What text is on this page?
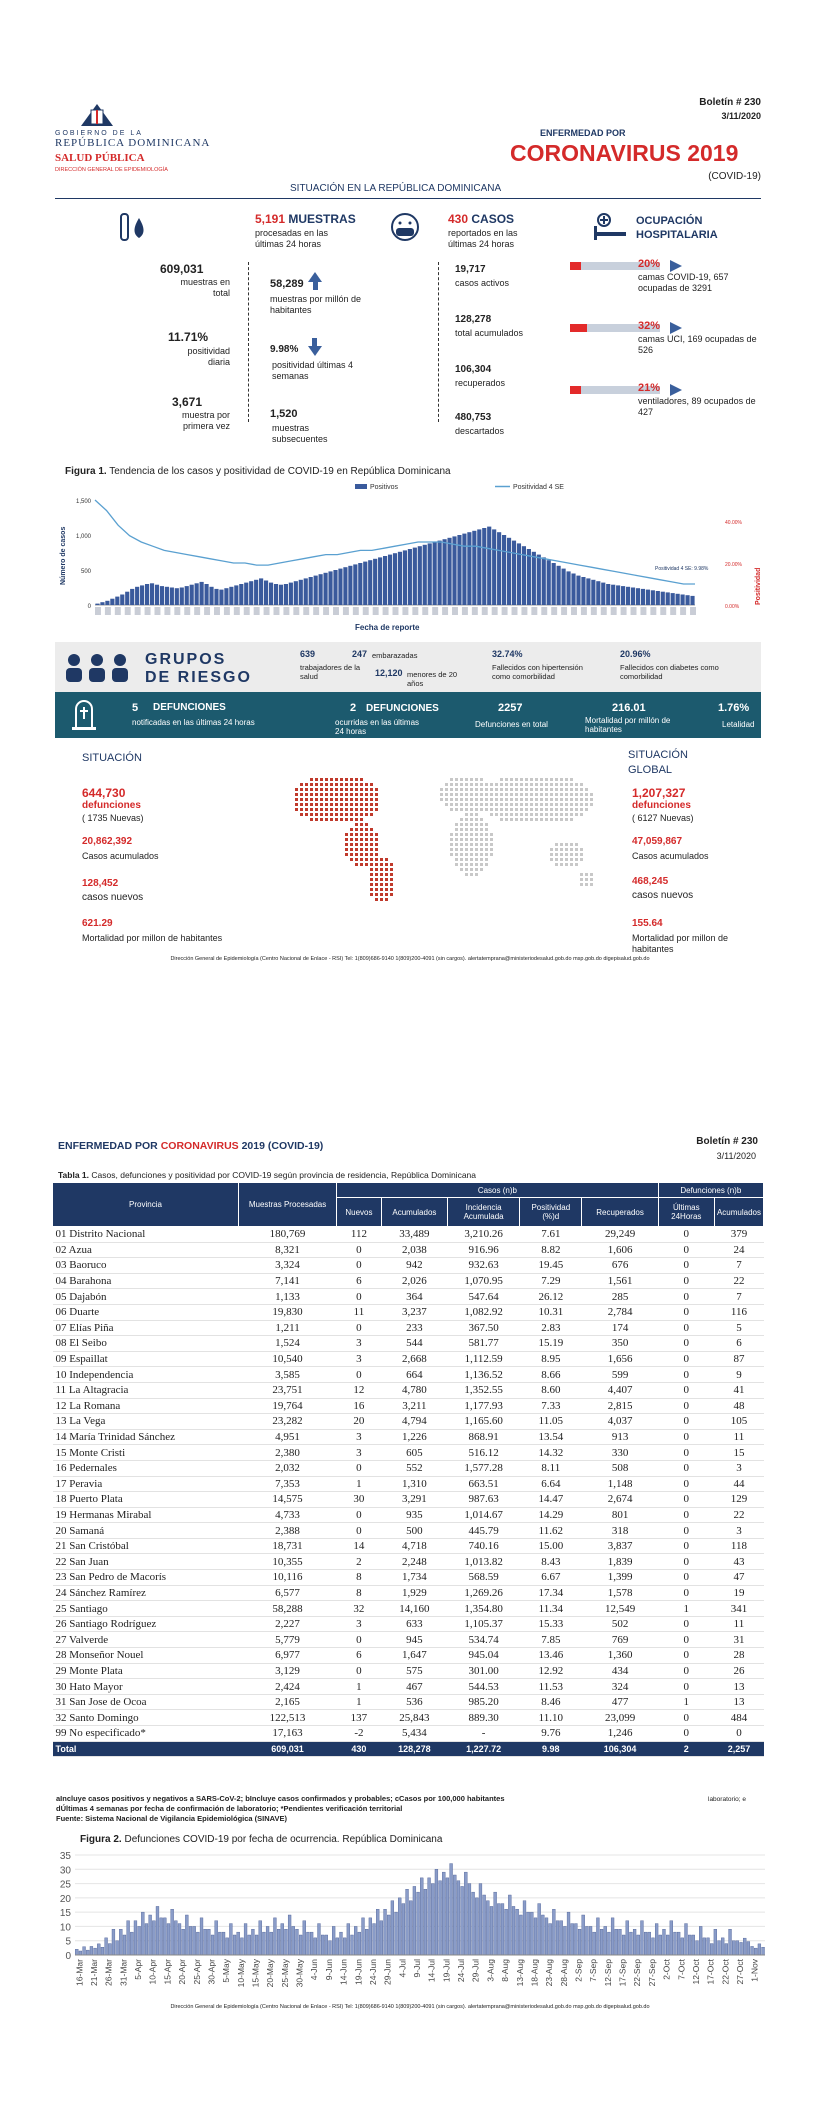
GOBIERNO DE LA
REPÚBLICA DOMINICANA
SALUD PÚBLICA
DIRECCIÓN GENERAL DE EPIDEMIOLOGÍA
Boletín # 230
3/11/2020
ENFERMEDAD POR
CORONAVIRUS 2019
(COVID-19)
SITUACIÓN EN LA REPÚBLICA DOMINICANA
5,191 MUESTRAS
procesadas en las últimas 24 horas
609,031
muestras en total
11.71%
positividad diaria
3,671
muestra por primera vez
58,289
muestras por millón de habitantes
9.98%
positividad últimas 4 semanas
1,520
muestras subsecuentes
430 CASOS
reportados en las últimas 24 horas
19,717
casos activos
128,278
total acumulados
106,304
recuperados
480,753
descartados
OCUPACIÓN HOSPITALARIA
20%
camas COVID-19, 657 ocupadas de 3291
32%
camas UCI, 169 ocupadas de 526
21%
ventiladores, 89 ocupados de 427
Figura 1. Tendencia de los casos y positividad de COVID-19 en República Dominicana
1,500
1,000
500
0
40.00%
20.00%
0.00%
Positivos	Positividad 4 SE
Positividad 4 SE: 9.98%
Número de casos
Positividad
Fecha de reporte
GRUPOS
DE RIESGO
639
trabajadores de la salud
247 embarazadas
12,120 menores de 20 años
32.74%
Fallecidos con hipertensión como comorbilidad
20.96%
Fallecidos con diabetes como comorbilidad
5 DEFUNCIONES
notificadas en las últimas 24 horas
2 DEFUNCIONES
ocurridas en las últimas 24 horas
2257
Defunciones en total
216.01
Mortalidad por millón de habitantes
1.76%
Letalidad
SITUACIÓN
644,730
defunciones
( 1735 Nuevas)
20,862,392
Casos acumulados
128,452
casos nuevos
621.29
Mortalidad por millon de habitantes
SITUACIÓN GLOBAL
1,207,327
defunciones
( 6127 Nuevas)
47,059,867
Casos acumulados
468,245
casos nuevos
155.64
Mortalidad por millon de habitantes
Dirección General de Epidemiología (Centro Nacional de Enlace - RSI) Tel: 1(809)686-9140 1(809)200-4091 (sin cargos). alertatemprana@ministeriodesalud.gob.do msp.gob.do digepisalud.gob.do
ENFERMEDAD POR CORONAVIRUS 2019 (COVID-19)	Boletín # 230
3/11/2020
Tabla 1. Casos, defunciones y positividad por COVID-19 según provincia de residencia, República Dominicana
Provincia	Muestras Procesadas	Casos (n)b					Defunciones (n)b	
		Nuevos	Acumulados	Incidencia Acumulada	Positividad (%)d	Recuperados	Últimas 24Horas	Acumulados
01 Distrito Nacional	180,769	112	33,489	3,210.26	7.61	29,249	0	379
02 Azua	8,321	0	2,038	916.96	8.82	1,606	0	24
03 Baoruco	3,324	0	942	932.63	19.45	676	0	7
04 Barahona	7,141	6	2,026	1,070.95	7.29	1,561	0	22
05 Dajabón	1,133	0	364	547.64	26.12	285	0	7
06 Duarte	19,830	11	3,237	1,082.92	10.31	2,784	0	116
07 Elías Piña	1,211	0	233	367.50	2.83	174	0	5
08 El Seibo	1,524	3	544	581.77	15.19	350	0	6
09 Espaillat	10,540	3	2,668	1,112.59	8.95	1,656	0	87
10 Independencia	3,585	0	664	1,136.52	8.66	599	0	9
11 La Altagracia	23,751	12	4,780	1,352.55	8.60	4,407	0	41
12 La Romana	19,764	16	3,211	1,177.93	7.33	2,815	0	48
13 La Vega	23,282	20	4,794	1,165.60	11.05	4,037	0	105
14 María Trinidad Sánchez	4,951	3	1,226	868.91	13.54	913	0	11
15 Monte Cristi	2,380	3	605	516.12	14.32	330	0	15
16 Pedernales	2,032	0	552	1,577.28	8.11	508	0	3
17 Peravia	7,353	1	1,310	663.51	6.64	1,148	0	44
18 Puerto Plata	14,575	30	3,291	987.63	14.47	2,674	0	129
19 Hermanas Mirabal	4,733	0	935	1,014.67	14.29	801	0	22
20 Samaná	2,388	0	500	445.79	11.62	318	0	3
21 San Cristóbal	18,731	14	4,718	740.16	15.00	3,837	0	118
22 San Juan	10,355	2	2,248	1,013.82	8.43	1,839	0	43
23 San Pedro de Macorís	10,116	8	1,734	568.59	6.67	1,399	0	47
24 Sánchez Ramírez	6,577	8	1,929	1,269.26	17.34	1,578	0	19
25 Santiago	58,288	32	14,160	1,354.80	11.34	12,549	1	341
26 Santiago Rodríguez	2,227	3	633	1,105.37	15.33	502	0	11
27 Valverde	5,779	0	945	534.74	7.85	769	0	31
28 Monseñor Nouel	6,977	6	1,647	945.04	13.46	1,360	0	28
29 Monte Plata	3,129	0	575	301.00	12.92	434	0	26
30 Hato Mayor	2,424	1	467	544.53	11.53	324	0	13
31 San Jose de Ocoa	2,165	1	536	985.20	8.46	477	1	13
32 Santo Domingo	122,513	137	25,843	889.30	11.10	23,099	0	484
99 No especificado*	17,163	-2	5,434	-	9.76	1,246	0	0
Total	609,031	430	128,278	1,227.72	9.98	106,304	2	2,257
aIncluye casos positivos y negativos a SARS-CoV-2; bIncluye casos confirmados y probables; cCasos por 100,000 habitantes
dÚltimas 4 semanas por fecha de confirmación de laboratorio; *Pendientes verificación territorial
Fuente: Sistema Nacional de Vigilancia Epidemiológica (SINAVE)
laboratorio; e
Figura 2. Defunciones COVID-19 por fecha de ocurrencia. República Dominicana
35
30
25
20
15
10
5
0
16-Mar 21-Mar 26-Mar 31-Mar 5-Apr 10-Apr 15-Apr 20-Apr 25-Apr 30-Apr 5-May 10-May 15-May 20-May 25-May 30-May 4-Jun 9-Jun 14-Jun 19-Jun 24-Jun 29-Jun 4-Jul 9-Jul 14-Jul 19-Jul 24-Jul 29-Jul 3-Aug 8-Aug 13-Aug 18-Aug 23-Aug 28-Aug 2-Sep 7-Sep 12-Sep 17-Sep 22-Sep 27-Sep 2-Oct 7-Oct 12-Oct 17-Oct 22-Oct 27-Oct 1-Nov
Dirección General de Epidemiología (Centro Nacional de Enlace - RSI) Tel: 1(809)686-9140 1(809)200-4091 (sin cargos). alertatemprana@ministeriodesalud.gob.do msp.gob.do digepisalud.gob.do
